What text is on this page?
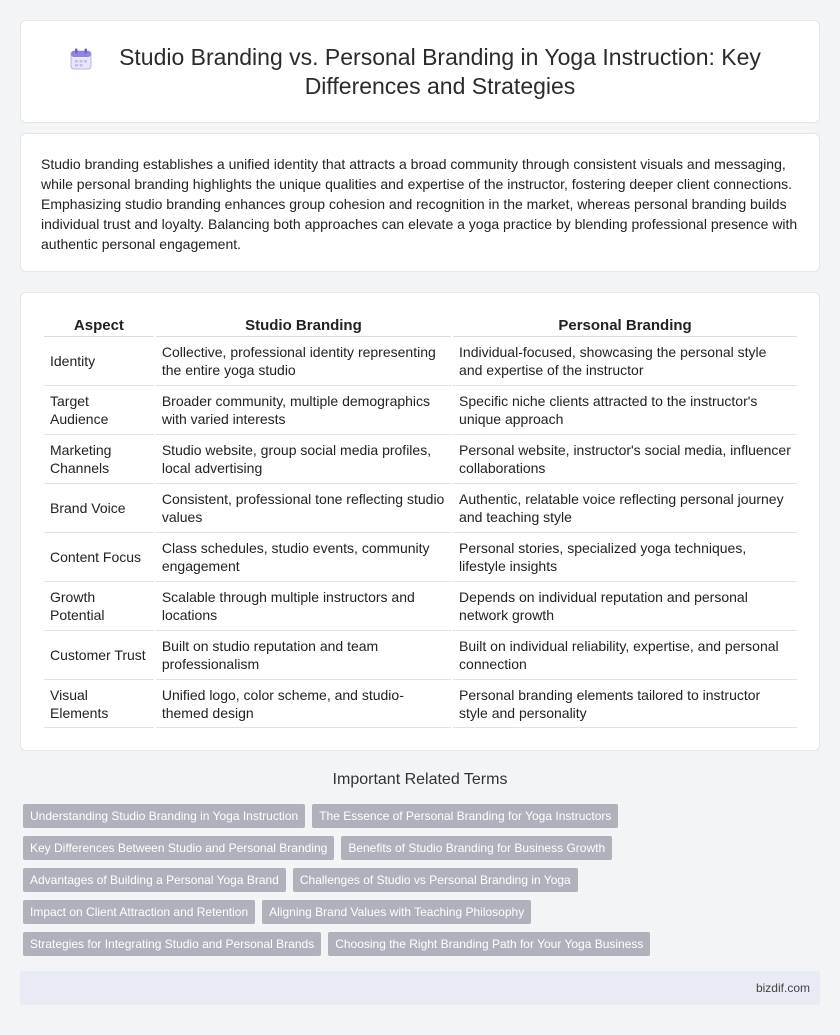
Studio Branding vs. Personal Branding in Yoga Instruction: Key Differences and Strategies

Studio branding establishes a unified identity that attracts a broad community through consistent visuals and messaging, while personal branding highlights the unique qualities and expertise of the instructor, fostering deeper client connections. Emphasizing studio branding enhances group cohesion and recognition in the market, whereas personal branding builds individual trust and loyalty. Balancing both approaches can elevate a yoga practice by blending professional presence with authentic personal engagement.

Aspect	Studio Branding	Personal Branding
Identity	Collective, professional identity representing the entire yoga studio	Individual-focused, showcasing the personal style and expertise of the instructor
Target Audience	Broader community, multiple demographics with varied interests	Specific niche clients attracted to the instructor's unique approach
Marketing Channels	Studio website, group social media profiles, local advertising	Personal website, instructor's social media, influencer collaborations
Brand Voice	Consistent, professional tone reflecting studio values	Authentic, relatable voice reflecting personal journey and teaching style
Content Focus	Class schedules, studio events, community engagement	Personal stories, specialized yoga techniques, lifestyle insights
Growth Potential	Scalable through multiple instructors and locations	Depends on individual reputation and personal network growth
Customer Trust	Built on studio reputation and team professionalism	Built on individual reliability, expertise, and personal connection
Visual Elements	Unified logo, color scheme, and studio-themed design	Personal branding elements tailored to instructor style and personality
Important Related Terms
Understanding Studio Branding in Yoga Instruction	The Essence of Personal Branding for Yoga Instructors
Key Differences Between Studio and Personal Branding	Benefits of Studio Branding for Business Growth
Advantages of Building a Personal Yoga Brand	Challenges of Studio vs Personal Branding in Yoga
Impact on Client Attraction and Retention	Aligning Brand Values with Teaching Philosophy
Strategies for Integrating Studio and Personal Brands	Choosing the Right Branding Path for Your Yoga Business
bizdif.com
